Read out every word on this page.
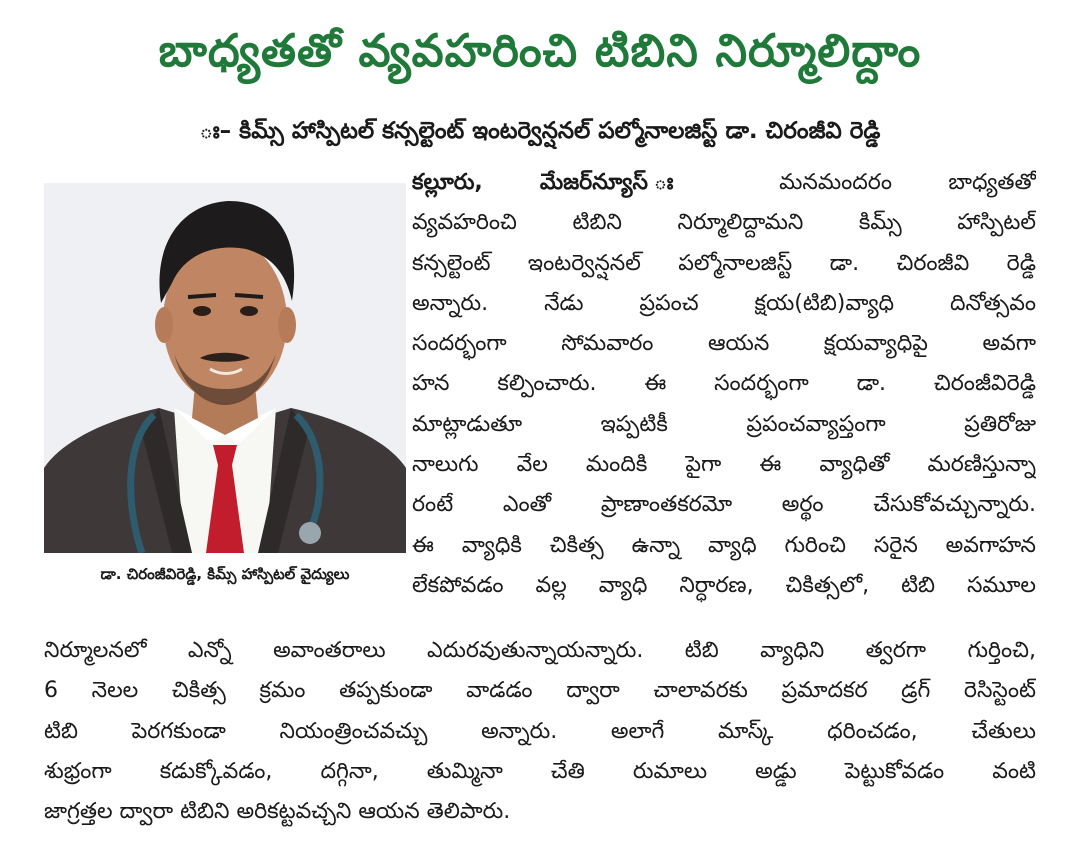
బాధ్యతతో వ్యవహరించి టిబిని నిర్మూలిద్దాం
ః– కిమ్స్ హాస్పిటల్ కన్సల్టెంట్ ఇంటర్వెన్షనల్ పల్మోనాలజిస్ట్ డా. చిరంజీవి రెడ్డి
డా. చిరంజీవిరెడ్డి, కిమ్స్ హాస్పిటల్ వైద్యులు
కల్లూరు, మేజర్‌న్యూస్ ః	మనమందరం బాధ్యతతో
వ్యవహరించి టిబిని నిర్మూలిద్దామని కిమ్స్ హాస్పిటల్
కన్సల్టెంట్ ఇంటర్వెన్షనల్ పల్మోనాలజిస్ట్ డా. చిరంజీవి రెడ్డి
అన్నారు. నేడు ప్రపంచ క్షయ(టిబి)వ్యాధి దినోత్సవం
సందర్భంగా సోమవారం ఆయన క్షయవ్యాధిపై అవగా
హన కల్పించారు. ఈ సందర్భంగా డా. చిరంజీవిరెడ్డి
మాట్లాడుతూ ఇప్పటికీ ప్రపంచవ్యాప్తంగా ప్రతిరోజు
నాలుగు వేల మందికి పైగా ఈ వ్యాధితో మరణిస్తున్నా
రంటే ఎంతో ప్రాణాంతకరమో అర్థం చేసుకోవచ్చున్నారు.
ఈ వ్యాధికి చికిత్స ఉన్నా వ్యాధి గురించి సరైన అవగాహన
లేకపోవడం వల్ల వ్యాధి నిర్ధారణ, చికిత్సలో, టిబి సమూల
నిర్మూలనలో ఎన్నో అవాంతరాలు ఎదురవుతున్నాయన్నారు. టిబి వ్యాధిని త్వరగా గుర్తించి,
6 నెలల చికిత్స క్రమం తప్పకుండా వాడడం ద్వారా చాలావరకు ప్రమాదకర డ్రగ్ రెసిస్టెంట్
టిబి పెరగకుండా నియంత్రించవచ్చు అన్నారు. అలాగే మాస్క్ ధరించడం, చేతులు
శుభ్రంగా కడుక్కోవడం, దగ్గినా, తుమ్మినా చేతి రుమాలు అడ్డు పెట్టుకోవడం వంటి
జాగ్రత్తల ద్వారా టిబిని అరికట్టవచ్చని ఆయన తెలిపారు.
